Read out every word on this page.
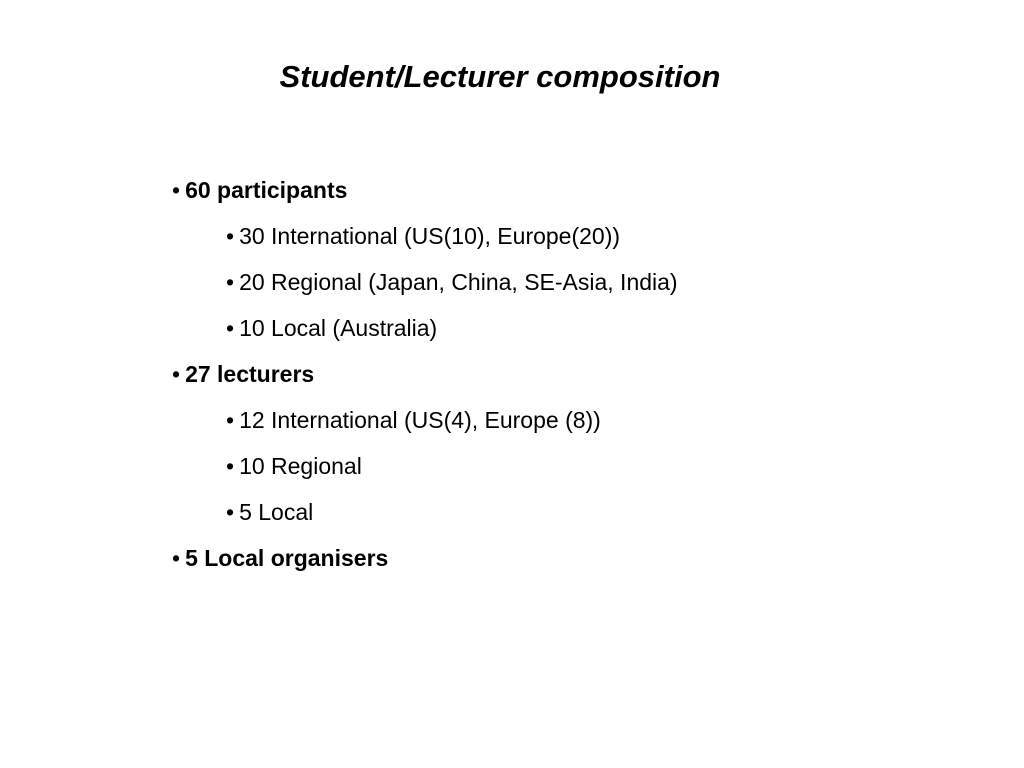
Student/Lecturer composition
• 60 participants
• 30 International (US(10), Europe(20))
• 20 Regional (Japan, China, SE-Asia, India)
• 10 Local (Australia)
• 27 lecturers
• 12 International (US(4), Europe (8))
• 10 Regional
• 5 Local
• 5 Local organisers
